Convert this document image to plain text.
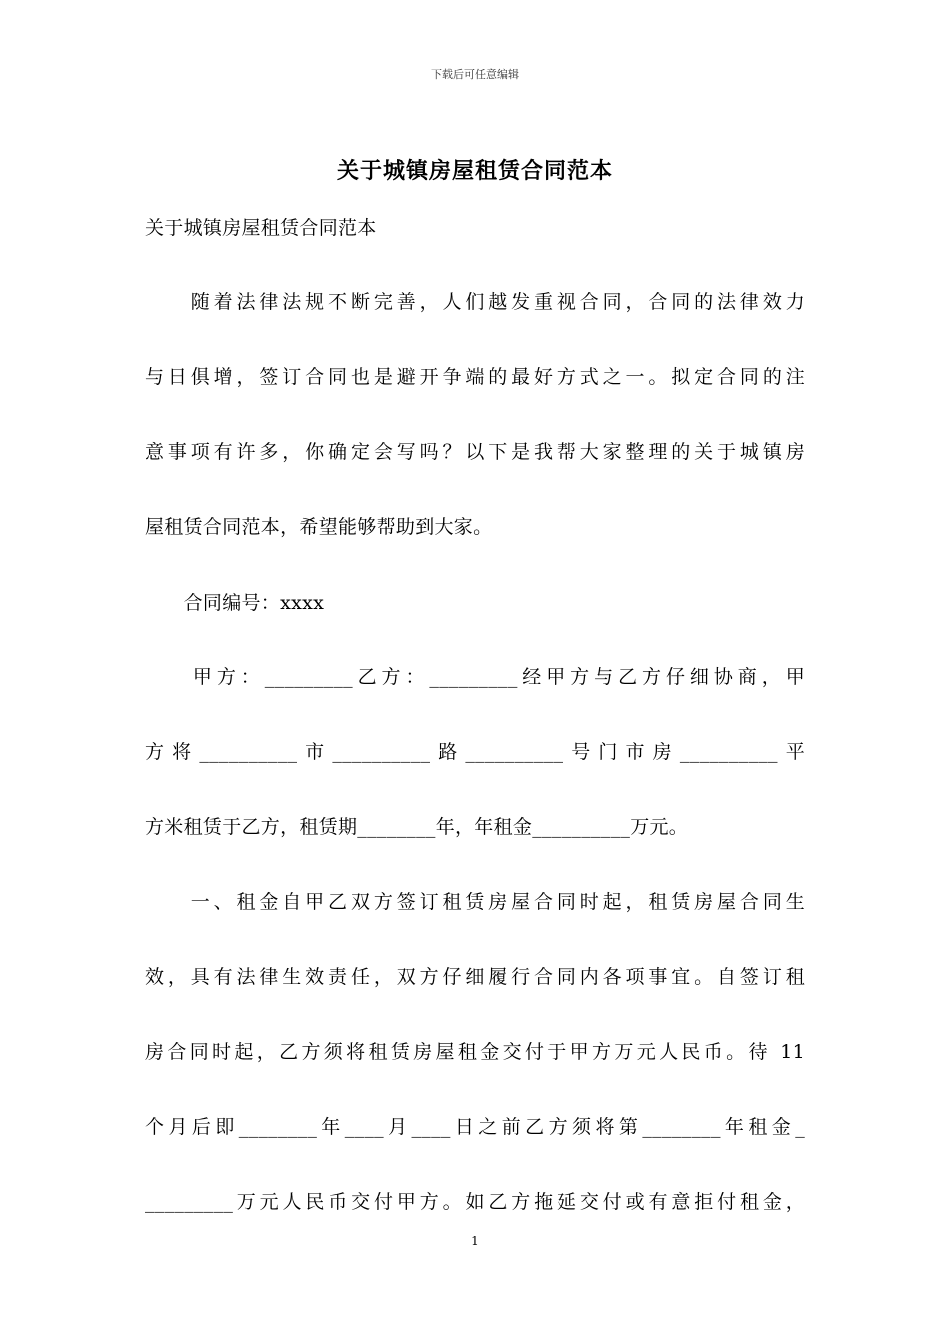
下载后可任意编辑
关于城镇房屋租赁合同范本
关于城镇房屋租赁合同范本
　　随着法律法规不断完善，人们越发重视合同，合同的法律效力
与日俱增，签订合同也是避开争端的最好方式之一。拟定合同的注
意事项有许多，你确定会写吗？以下是我帮大家整理的关于城镇房
屋租赁合同范本，希望能够帮助到大家。
　　合同编号：xxxx
　　甲方：_________乙方：_________经甲方与乙方仔细协商，甲
方将__________市__________路__________号门市房__________平
方米租赁于乙方，租赁期________年，年租金__________万元。
　　一、租金自甲乙双方签订租赁房屋合同时起，租赁房屋合同生
效，具有法律生效责任，双方仔细履行合同内各项事宜。自签订租
房合同时起，乙方须将租赁房屋租金交付于甲方万元人民币。待 11
个月后即________年____月____日之前乙方须将第________年租金_
_________万元人民币交付甲方。如乙方拖延交付或有意拒付租金，
1
